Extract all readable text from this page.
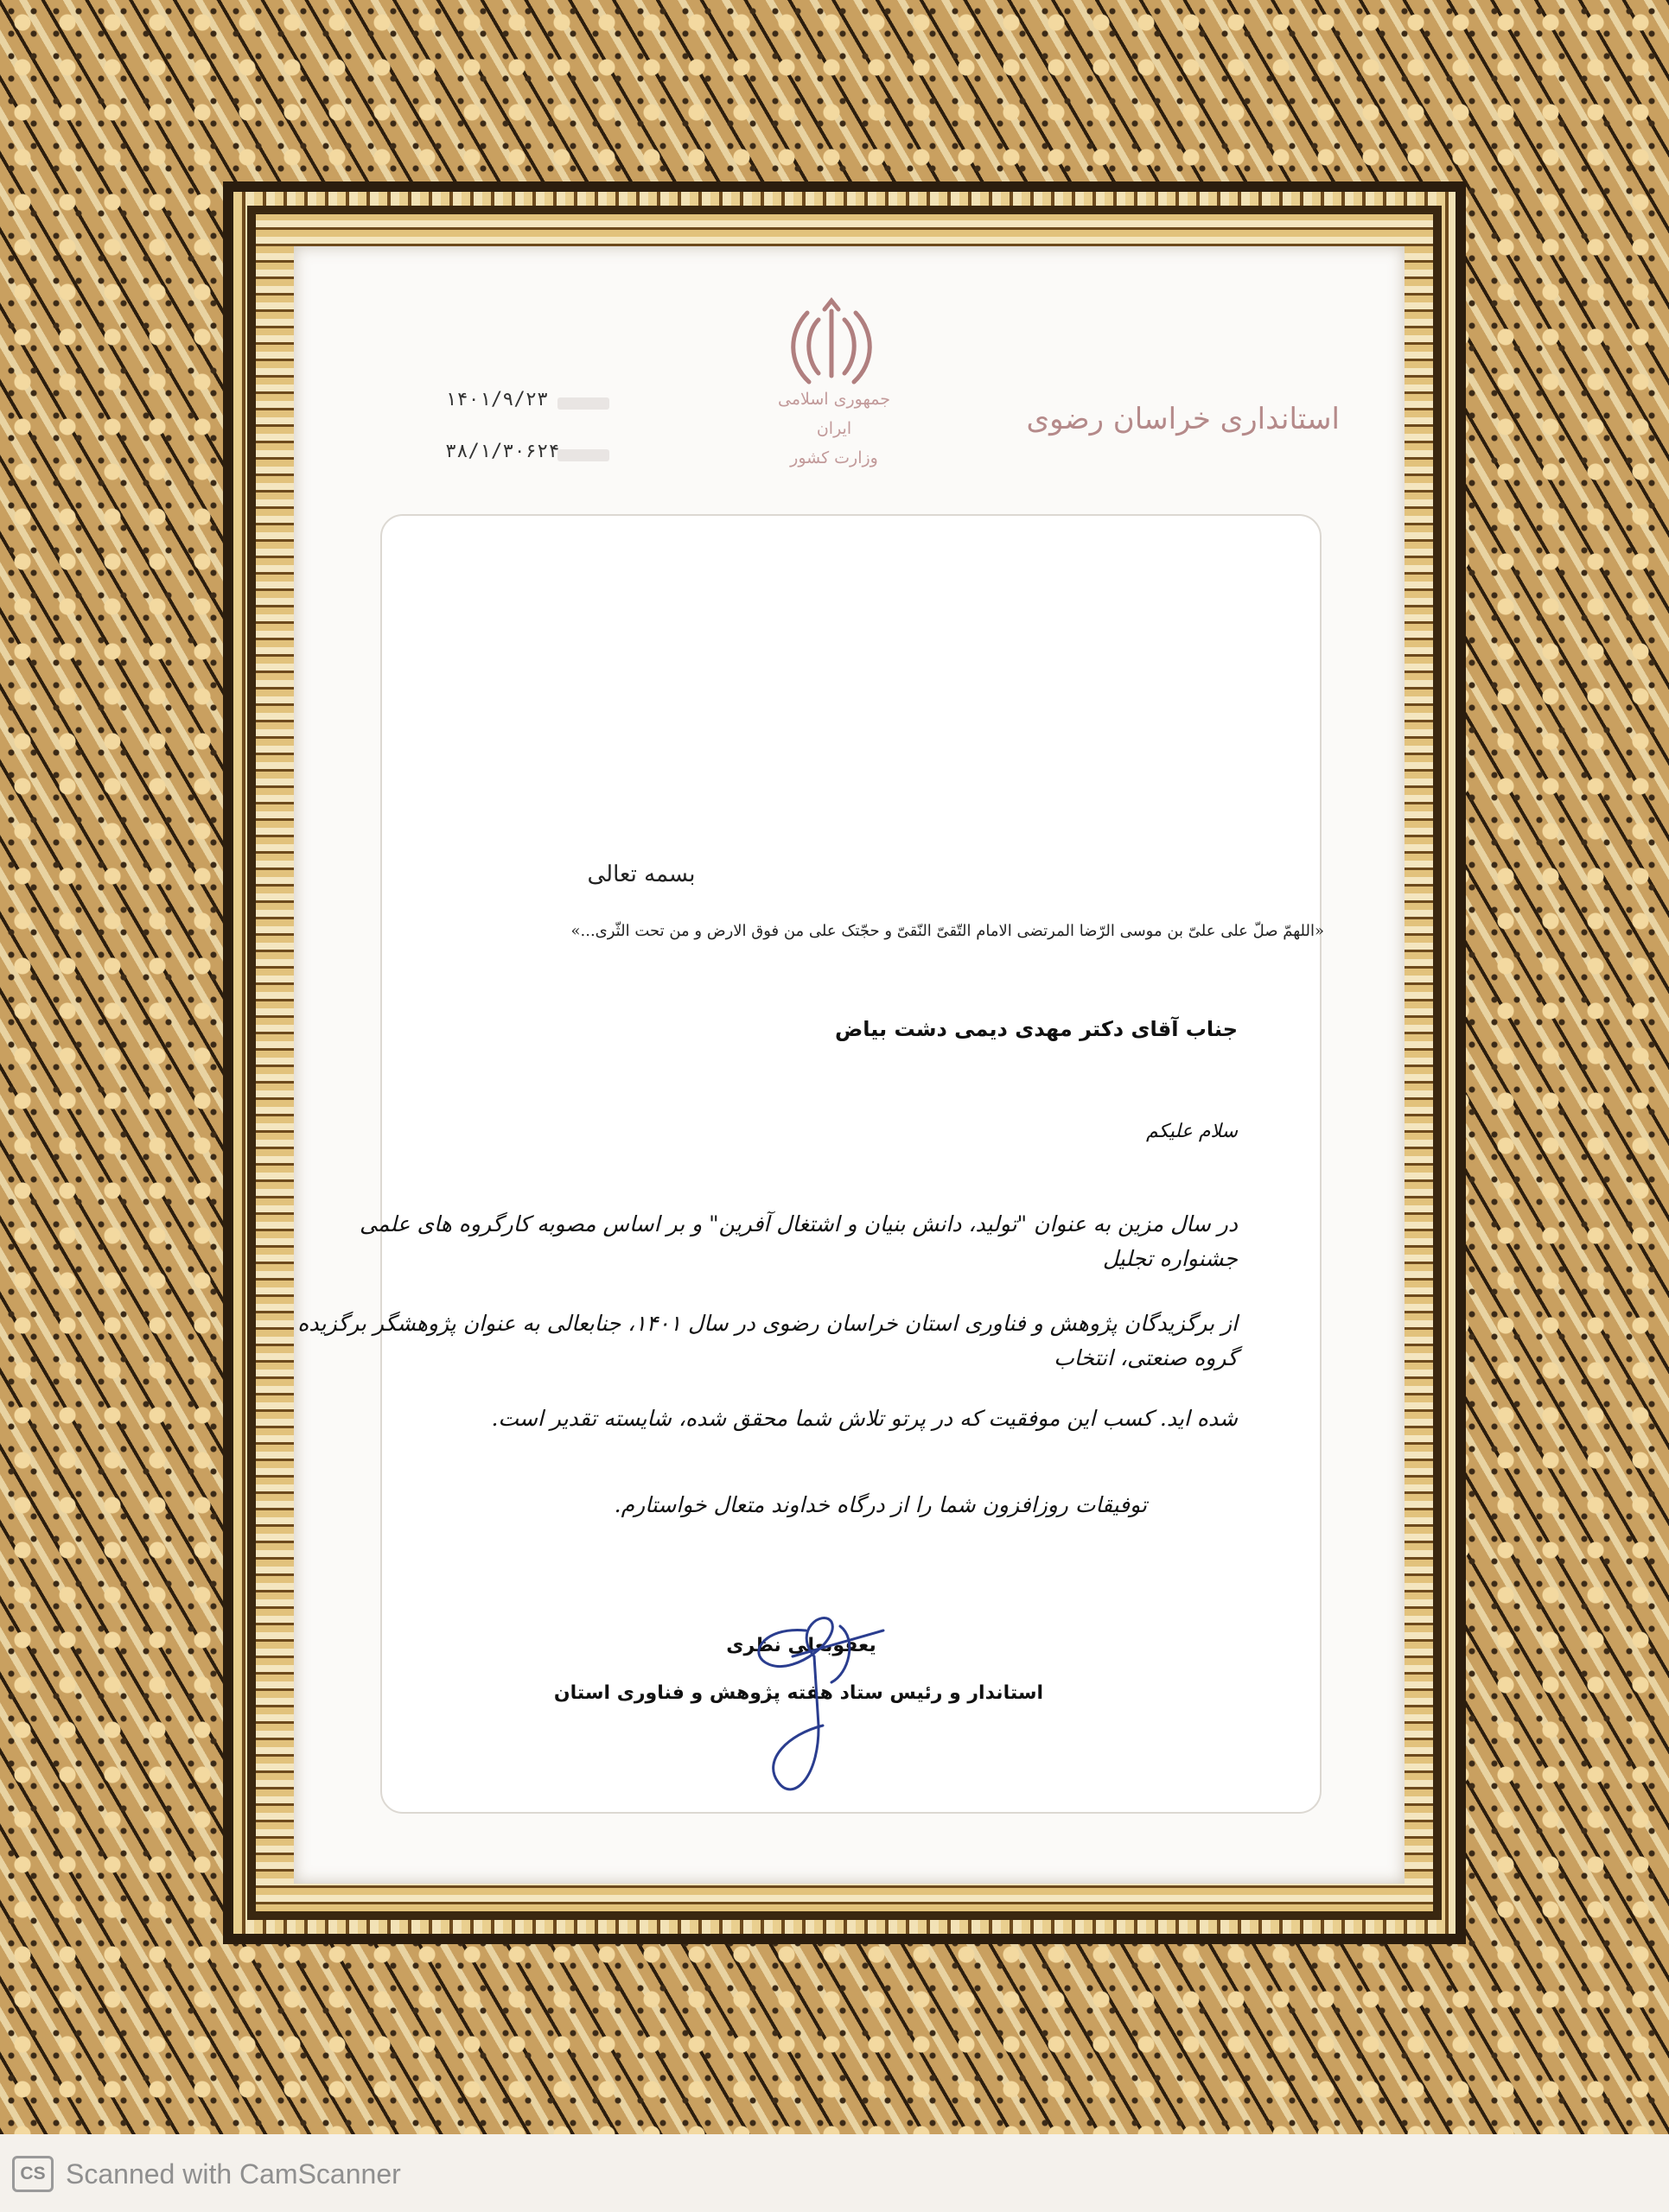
جمهوری اسلامی ایران
وزارت کشور
استانداری خراسان رضوی
۱۴۰۱/۹/۲۳
۳۸/۱/۳۰۶۲۴
بسمه تعالی
«اللهمّ صلّ علی علیّ بن موسی الرّضا المرتضی الامام التّقیّ النّقیّ و حجّتک علی من فوق الارض و من تحت الثّری...»
جناب آقای دکتر مهدی دیمی دشت بیاض
سلام علیکم
در سال مزین به عنوان "تولید، دانش بنیان و اشتغال آفرین" و بر اساس مصوبه کارگروه های علمی جشنواره تجلیل
از برگزیدگان پژوهش و فناوری استان خراسان رضوی در سال ۱۴۰۱، جنابعالی به عنوان پژوهشگر برگزیده گروه صنعتی، انتخاب
شده اید. کسب این موفقیت که در پرتو تلاش شما محقق شده، شایسته تقدیر است.
توفیقات روزافزون شما را از درگاه خداوند متعال خواستارم.
یعقوبعلی نظری
استاندار و رئیس ستاد هفته پژوهش و فناوری استان
CS Scanned with CamScanner
